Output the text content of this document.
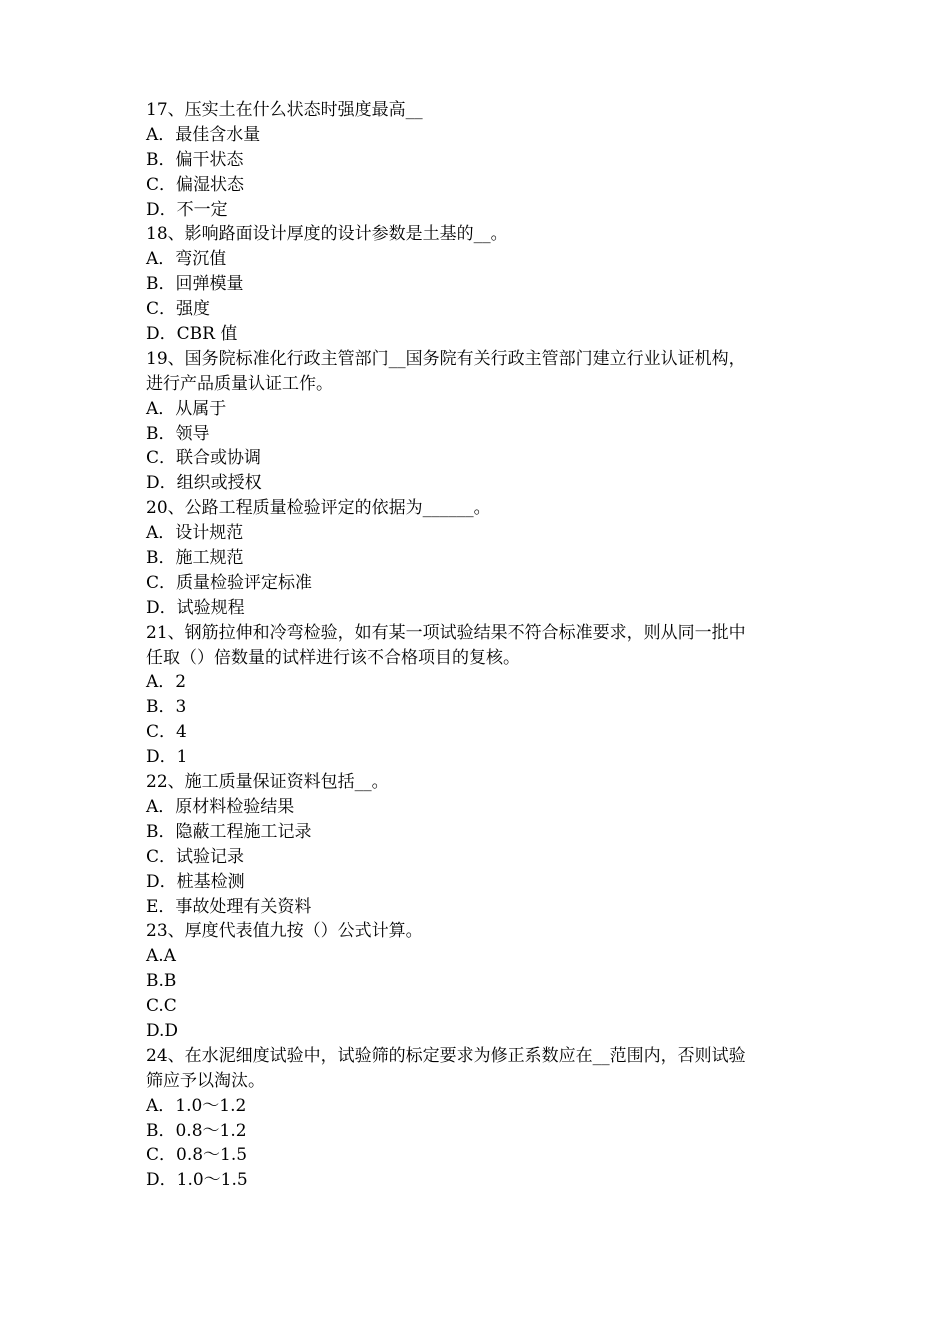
17、压实土在什么状态时强度最高__
A．最佳含水量
B．偏干状态
C．偏湿状态
D．不一定
18、影响路面设计厚度的设计参数是土基的__。
A．弯沉值
B．回弹模量
C．强度
D．CBR 值
19、国务院标准化行政主管部门__国务院有关行政主管部门建立行业认证机构，
进行产品质量认证工作。
A．从属于
B．领导
C．联合或协调
D．组织或授权
20、公路工程质量检验评定的依据为______。
A．设计规范
B．施工规范
C．质量检验评定标准
D．试验规程
21、钢筋拉伸和冷弯检验，如有某一项试验结果不符合标准要求，则从同一批中
任取（）倍数量的试样进行该不合格项目的复核。
A．2
B．3
C．4
D．1
22、施工质量保证资料包括__。
A．原材料检验结果
B．隐蔽工程施工记录
C．试验记录
D．桩基检测
E．事故处理有关资料
23、厚度代表值九按（）公式计算。
A.A
B.B
C.C
D.D
24、在水泥细度试验中，试验筛的标定要求为修正系数应在__范围内，否则试验
筛应予以淘汰。
A．1.0～1.2
B．0.8～1.2
C．0.8～1.5
D．1.0～1.5
